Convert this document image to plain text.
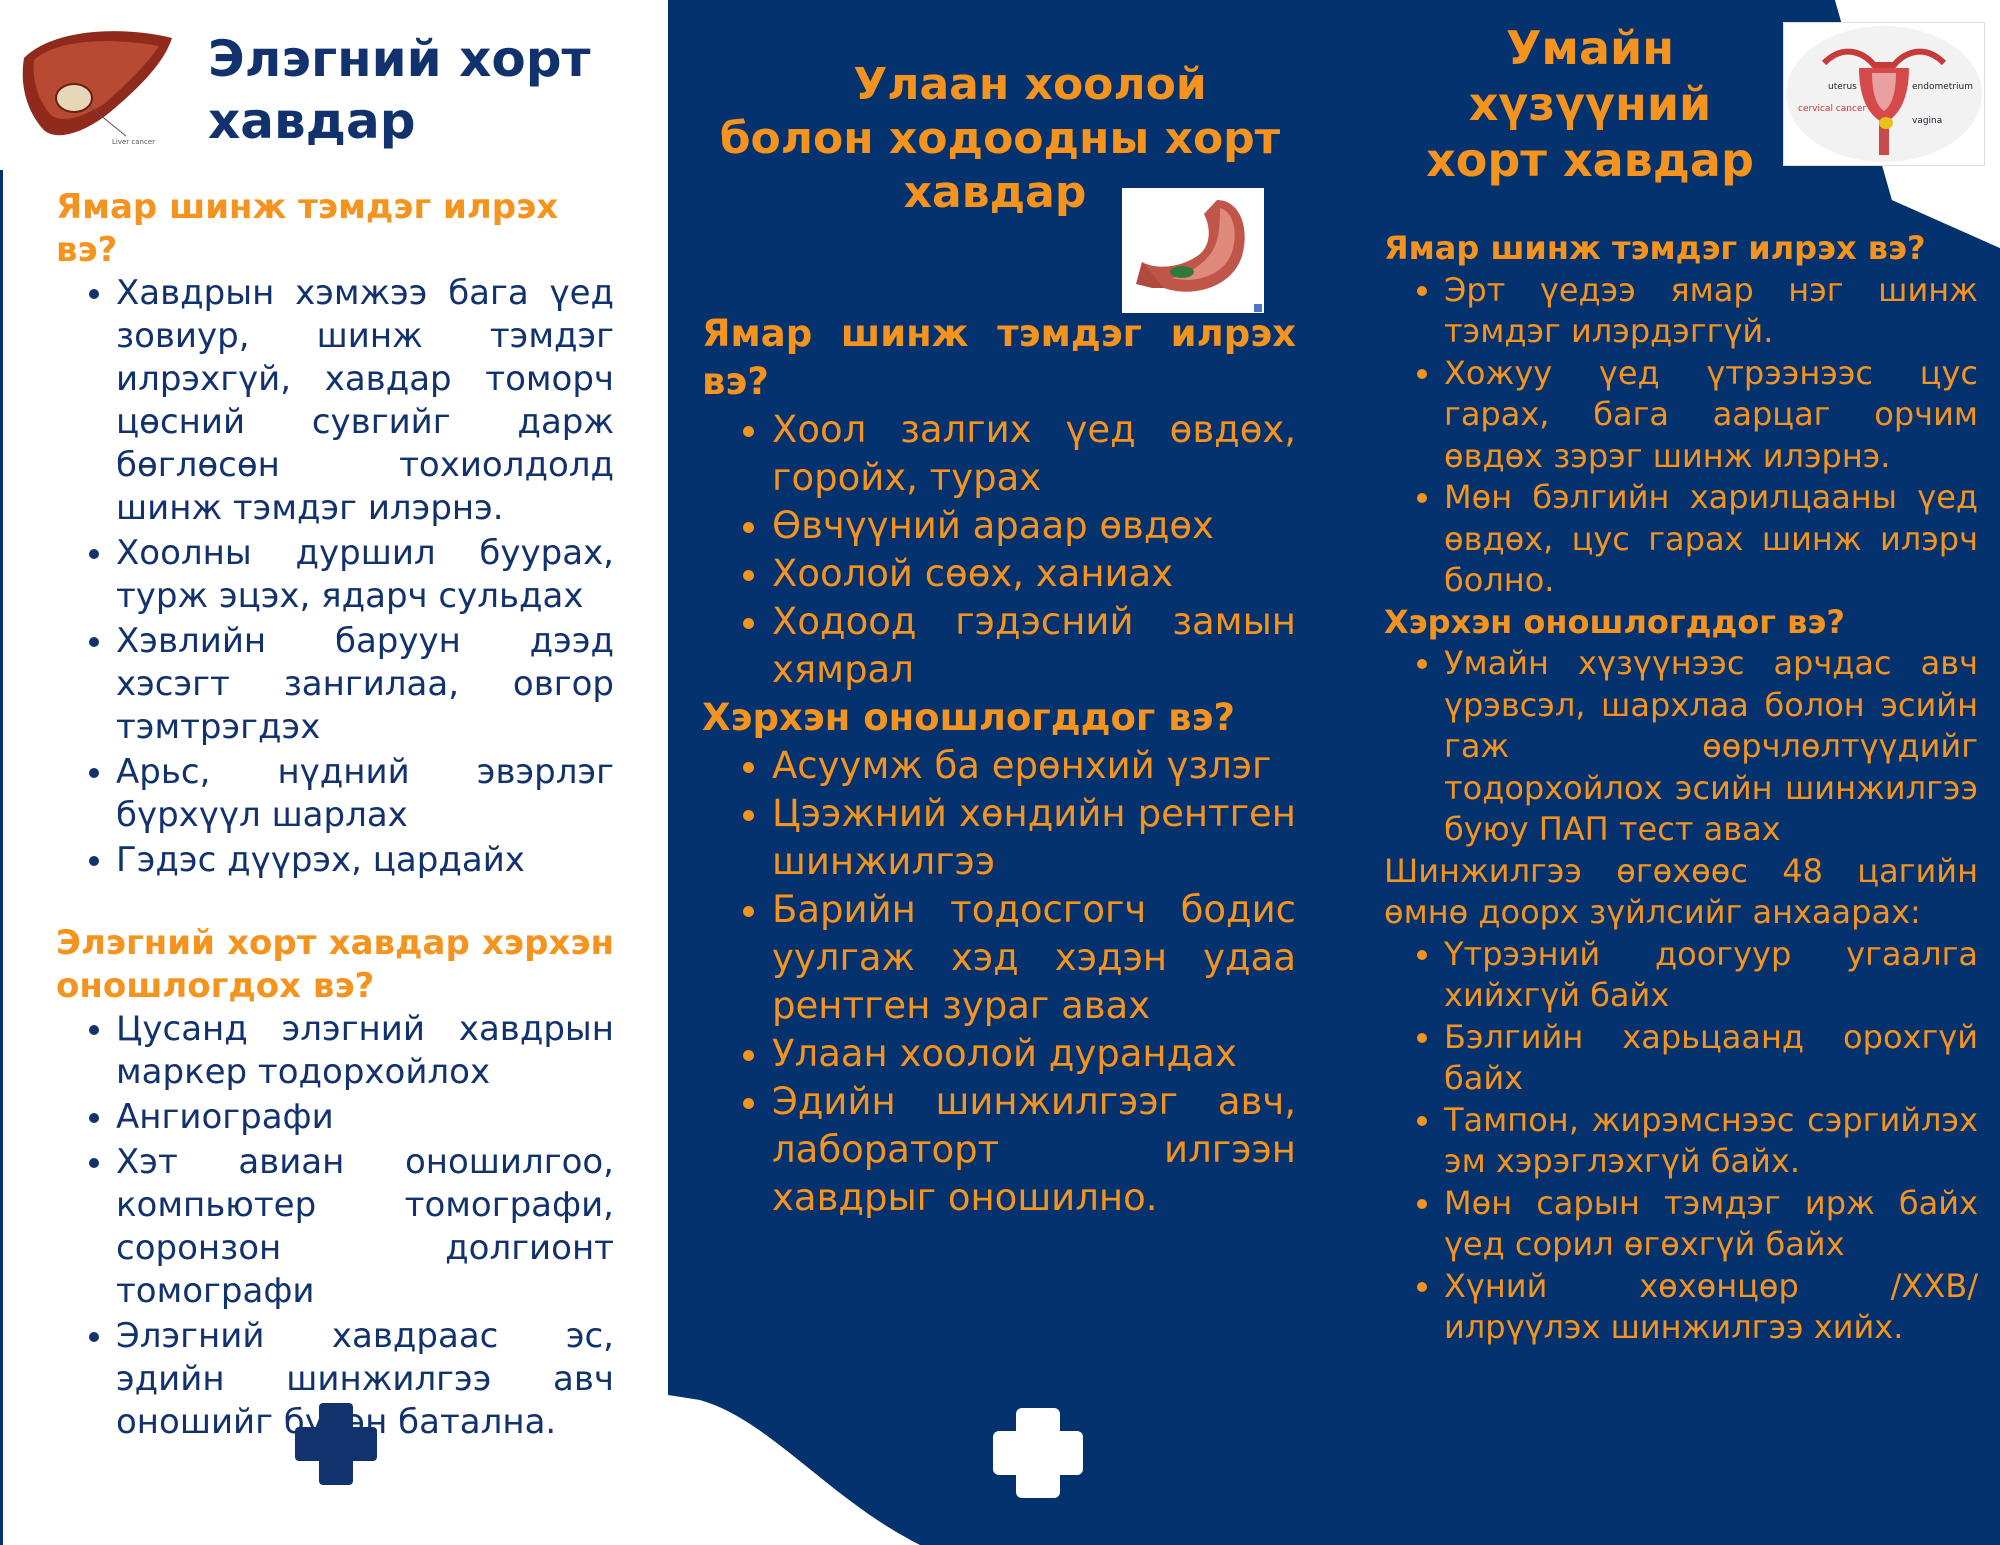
Liver cancer
Элэгний хорт хавдар

Ямар шинж тэмдэг илрэх вэ?

• Хавдрын хэмжээ бага үед зовиур, шинж тэмдэг илрэхгүй, хавдар томорч цөсний сувгийг дарж бөглөсөн тохиолдолд шинж тэмдэг илэрнэ.
• Хоолны дуршил буурах, турж эцэх, ядарч сульдах
• Хэвлийн баруун дээд хэсэгт зангилаа, овгор тэмтрэгдэх
• Арьс, нүдний эвэрлэг бүрхүүл шарлах
• Гэдэс дүүрэх, цардайх

Элэгний хорт хавдар хэрхэн оношлогдох вэ?

• Цусанд элэгний хавдрын маркер тодорхойлох
• Ангиографи
• Хэт авиан оношилгоо, компьютер томографи, соронзон долгионт томографи
• Элэгний хавдраас эс, эдийн шинжилгээ авч оношийг бүрэн батална.

Улаан хоолой
болон ходоодны хорт
хавдар

Ямар шинж тэмдэг илрэх вэ?

• Хоол залгих үед өвдөх, горойх, турах
• Өвчүүний араар өвдөх
• Хоолой сөөх, ханиах
• Ходоод гэдэсний замын хямрал

Хэрхэн оношлогддог вэ?

• Асуумж ба ерөнхий үзлэг
• Цээжний хөндийн рентген шинжилгээ
• Барийн тодосгогч бодис уулгаж хэд хэдэн удаа рентген зураг авах
• Улаан хоолой дурандах
• Эдийн шинжилгээг авч, лабораторт илгээн хавдрыг оношилно.

Умайн
хүзүүний
хорт хавдар

uterus	endometrium
cervical cancer
vagina

Ямар шинж тэмдэг илрэх вэ?

• Эрт үедээ ямар нэг шинж тэмдэг илэрдэггүй.
• Хожуу үед үтрээнээс цус гарах, бага аарцаг орчим өвдөх зэрэг шинж илэрнэ.
• Мөн бэлгийн харилцааны үед өвдөх, цус гарах шинж илэрч болно.

Хэрхэн оношлогддог вэ?

• Умайн хүзүүнээс арчдас авч үрэвсэл, шархлаа болон эсийн гаж өөрчлөлтүүдийг тодорхойлох эсийн шинжилгээ буюу ПАП тест авах

Шинжилгээ өгөхөөс 48 цагийн өмнө доорх зүйлсийг анхаарах:

• Үтрээний доогуур угаалга хийхгүй байх
• Бэлгийн харьцаанд орохгүй байх
• Тампон, жирэмснээс сэргийлэх эм хэрэглэхгүй байх.
• Мөн сарын тэмдэг ирж байх үед сорил өгөхгүй байх
• Хүний хөхөнцөр /ХХВ/ илрүүлэх шинжилгээ хийх.
